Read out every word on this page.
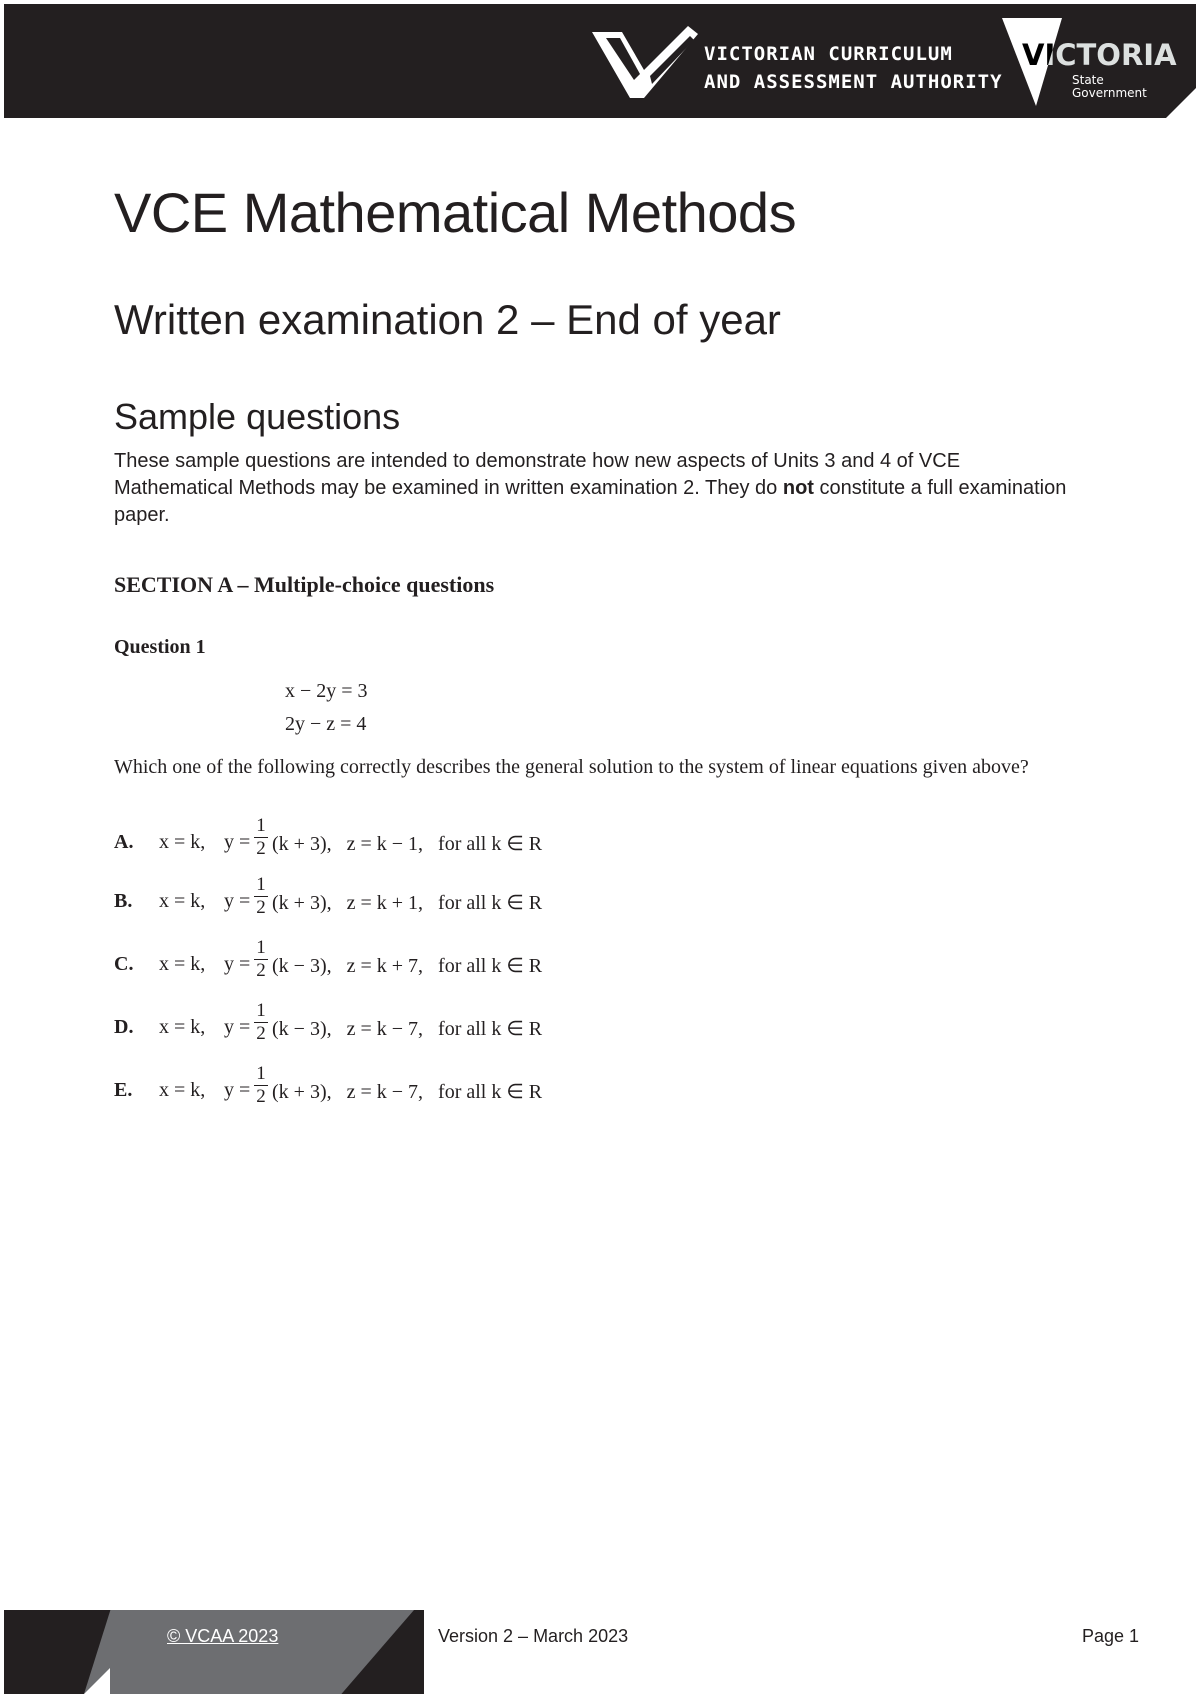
VICTORIAN CURRICULUM
AND ASSESSMENT AUTHORITY
VICTORIA
State
Government
VCE Mathematical Methods
Written examination 2 – End of year
Sample questions

These sample questions are intended to demonstrate how new aspects of Units 3 and 4 of VCE Mathematical Methods may be examined in written examination 2. They do not constitute a full examination paper.

SECTION A – Multiple-choice questions

Question 1

x − 2y = 3
2y − z = 4

Which one of the following correctly describes the general solution to the system of linear equations given above?

A. x = k, y =
1
2 (k + 3),   z = k − 1,   for all k ∈ R
B. x = k, y =
1
2 (k + 3),   z = k + 1,   for all k ∈ R
C. x = k, y =
1
2 (k − 3),   z = k + 7,   for all k ∈ R
D. x = k, y =
1
2 (k − 3),   z = k − 7,   for all k ∈ R
E. x = k, y =
1
2 (k + 3),   z = k − 7,   for all k ∈ R
© VCAA 2023	Version 2 – March 2023	Page 1
